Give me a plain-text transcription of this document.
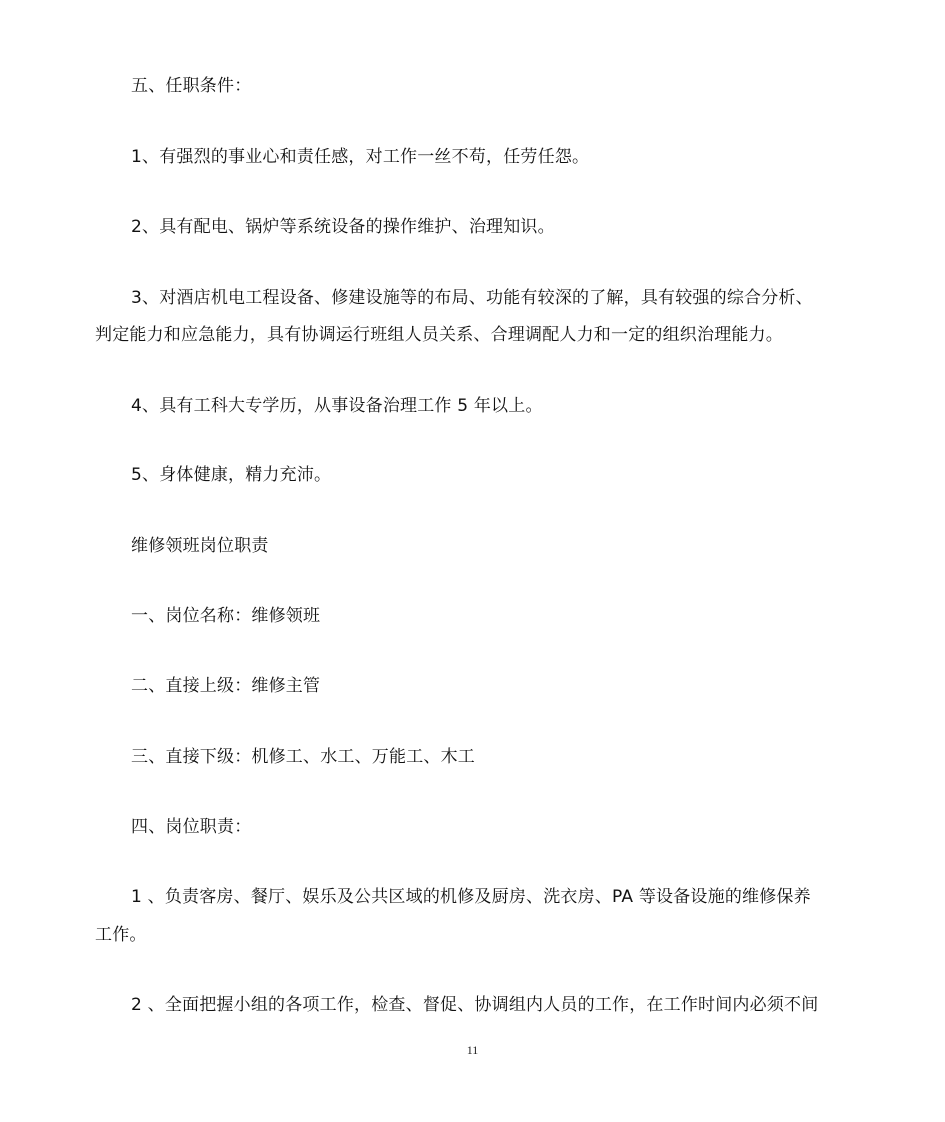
五、任职条件：
1、有强烈的事业心和责任感，对工作一丝不苟，任劳任怨。
2、具有配电、锅炉等系统设备的操作维护、治理知识。
3、对酒店机电工程设备、修建设施等的布局、功能有较深的了解，具有较强的综合分析、
判定能力和应急能力，具有协调运行班组人员关系、合理调配人力和一定的组织治理能力。
4、具有工科大专学历，从事设备治理工作 5 年以上。
5、身体健康，精力充沛。
维修领班岗位职责
一、岗位名称：维修领班
二、直接上级：维修主管
三、直接下级：机修工、水工、万能工、木工
四、岗位职责：
1 、负责客房、餐厅、娱乐及公共区域的机修及厨房、洗衣房、PA 等设备设施的维修保养
工作。
2 、全面把握小组的各项工作，检查、督促、协调组内人员的工作，在工作时间内必须不间
11
